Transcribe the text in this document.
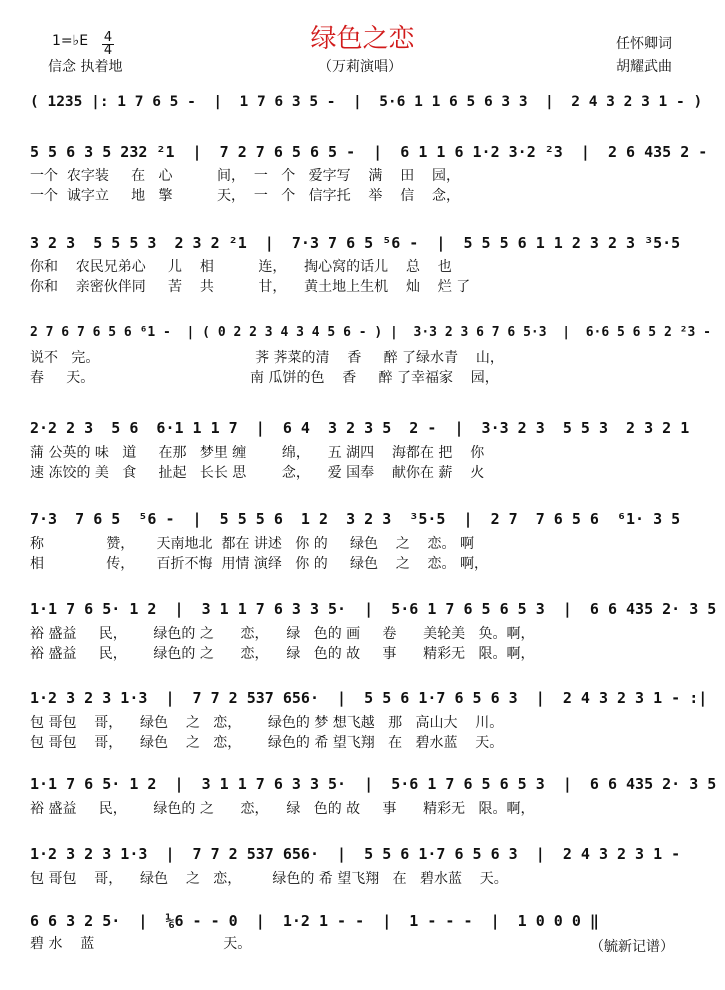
绿色之恋
1=♭E $\frac{4}{4}$
信念 执着地	（万莉演唱）
任怀卿词
胡耀武曲
（毓新记谱）
( 1235 |: 1 7 6 5 -  |  1 7 6 3 5 -  |  5·6 1 1 6 5 6 3 3  |  2 4 3 2 3 1 - )
5 5 6 3 5 232 ²1  |  7 2 7 6 5 6 5 -  |  6 1 1 6 1·2 3·2 ²3  |  2 6 435 2 -
一个  农字装     在   心          间，  一   个   爱字写    满    田    园，
一个  诚字立     地   擎          天，  一   个   信字托    举    信    念，
3 2 3  5 5 5 3  2 3 2 ²1  |  7·3 7 6 5 ⁵6 -  |  5 5 5 6 1 1 2 3 2 3 ³5·5
你和    农民兄弟心     儿    相          连，    掏心窝的话儿    总    也
你和    亲密伙伴同     苦    共          甘，    黄土地上生机    灿    烂 了
2 7 6 7 6 5 6 ⁶1 -  | ( 0 2 2 3 4 3 4 5 6 - ) |  3·3 2 3 6 7 6 5·3  |  6·6 5 6 5 2 ²3 -
说不   完。                                   荠 荠菜的清    香     醉 了绿水青    山，
春     天。                                   南 瓜饼的色    香     醉 了幸福家    园，
2·2 2 3  5 6  6·1 1 1 7  |  6 4  3 2 3 5  2 -  |  3·3 2 3  5 5 3  2 3 2 1
蒲 公英的 味   道     在那   梦里 缠        绵，    五 湖四    海都在 把    你
速 冻饺的 美   食     扯起   长长 思        念，    爱 国奉    献你在 薪    火
7·3  7 6 5  ⁵6 -  |  5 5 5 6  1 2  3 2 3  ³5·5  |  2 7  7 6 5 6  ⁶1· 3 5
称              赞，     天南地北  都在 讲述   你 的     绿色    之    恋。 啊
相              传，     百折不悔  用情 演绎   你 的     绿色    之    恋。 啊，
1·1 7 6 5· 1 2  |  3 1 1 7 6 3 3 5·  |  5·6 1 7 6 5 6 5 3  |  6 6 435 2· 3 5
裕 盛益     民，      绿色的 之      恋，    绿   色的 画     卷      美轮美   奂。啊，
裕 盛益     民，      绿色的 之      恋，    绿   色的 故     事      精彩无   限。啊，
1·2 3 2 3 1·3  |  7 7 2 537 656·  |  5 5 6 1·7 6 5 6 3  |  2 4 3 2 3 1 - :|
包 哥包    哥，    绿色    之   恋，      绿色的 梦 想飞越   那   高山大    川。
包 哥包    哥，    绿色    之   恋，      绿色的 希 望飞翔   在   碧水蓝    天。
1·1 7 6 5· 1 2  |  3 1 1 7 6 3 3 5·  |  5·6 1 7 6 5 6 5 3  |  6 6 435 2· 3 5
裕 盛益     民，      绿色的 之      恋，    绿   色的 故     事      精彩无   限。啊，
1·2 3 2 3 1·3  |  7 7 2 537 656·  |  5 5 6 1·7 6 5 6 3  |  2 4 3 2 3 1 -
包 哥包    哥，    绿色    之   恋，       绿色的 希 望飞翔   在   碧水蓝    天。
6 6 3 2 5·  |  ⅙6 - - 0  |  1·2 1 - -  |  1 - - -  |  1 0 0 0 ‖
碧 水    蓝                             天。
